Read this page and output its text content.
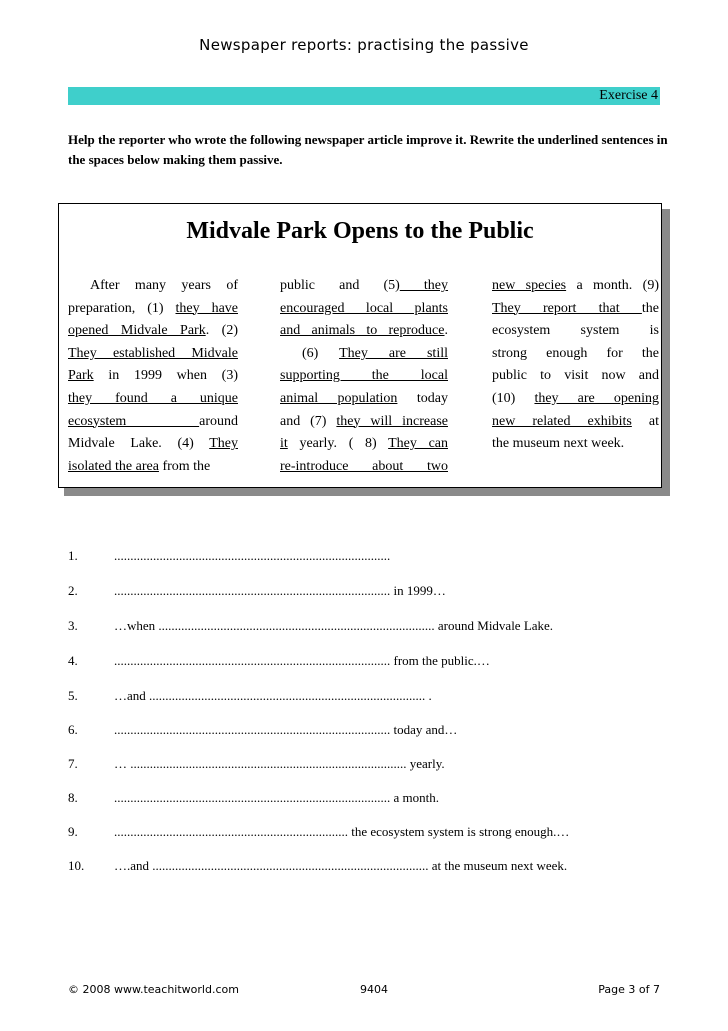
Newspaper reports: practising the passive
Exercise 4
Help the reporter who wrote the following newspaper article improve it. Rewrite the underlined sentences in the spaces below making them passive.
Midvale Park Opens to the Public
After many years of
preparation, (1) they have
opened Midvale Park. (2)
They established Midvale
Park in 1999 when (3)
they found a unique
ecosystem       around
Midvale Lake. (4) They
isolated the area from the
public and (5) they
encouraged local plants
and animals to reproduce.
(6) They are still
supporting the local
animal population today
and (7) they will increase
it yearly. ( 8) They can
re-introduce about two
new species a month. (9)
They report that the
ecosystem system is
strong enough for the
public to visit now and
(10) they are opening
new related exhibits at
the museum next week.
1.	.....................................................................................
2.	..................................................................................... in 1999…
3.	…when ..................................................................................... around Midvale Lake.
4.	..................................................................................... from the public.…
5.	…and ..................................................................................... .
6.	..................................................................................... today and…
7.	… ..................................................................................... yearly.
8.	..................................................................................... a month.
9.	........................................................................ the ecosystem system is strong enough.…
10.	….and ..................................................................................... at the museum next week.
© 2008 www.teachitworld.com	9404	Page 3 of 7
